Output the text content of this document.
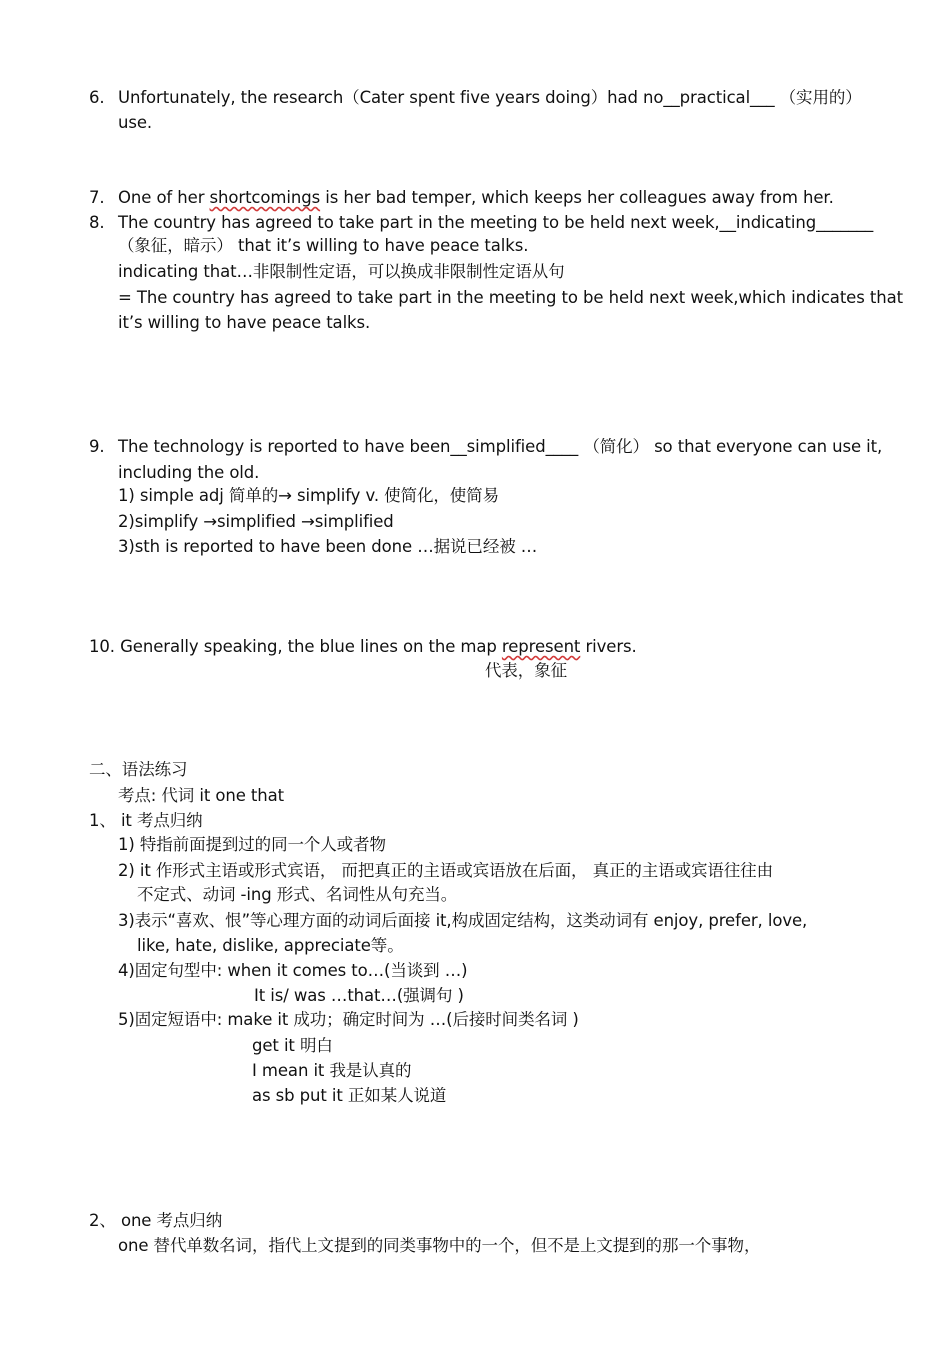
6. Unfortunately, the research（Cater spent five years doing）had no__practical___ （实用的）
use.
7. One of her shortcomings is her bad temper, which keeps her colleagues away from her.
8. The country has agreed to take part in the meeting to be held next week,__indicating_______
（象征，暗示） that it’s willing to have peace talks.
indicating that…非限制性定语，可以换成非限制性定语从句
= The country has agreed to take part in the meeting to be held next week,which indicates that
it’s willing to have peace talks.
9. The technology is reported to have been__simplified____ （简化） so that everyone can use it,
including the old.
1) simple adj 简单的→ simplify v. 使简化，使简易
2)simplify →simplified →simplified
3)sth is reported to have been done …据说已经被 …
10. Generally speaking, the blue lines on the map represent rivers.
代表，象征
二、语法练习
考点: 代词 it one that
1、 it 考点归纳
1) 特指前面提到过的同一个人或者物
2) it 作形式主语或形式宾语， 而把真正的主语或宾语放在后面， 真正的主语或宾语往往由
不定式、动词 -ing 形式、名词性从句充当。
3)表示“喜欢、恨”等心理方面的动词后面接 it,构成固定结构，这类动词有 enjoy, prefer, love,
like, hate, dislike, appreciate等。
4)固定句型中: when it comes to…(当谈到 …)
It is/ was …that…(强调句 )
5)固定短语中: make it 成功；确定时间为 …(后接时间类名词 )
get it 明白
I mean it 我是认真的
as sb put it 正如某人说道
2、 one 考点归纳
one 替代单数名词，指代上文提到的同类事物中的一个，但不是上文提到的那一个事物，
